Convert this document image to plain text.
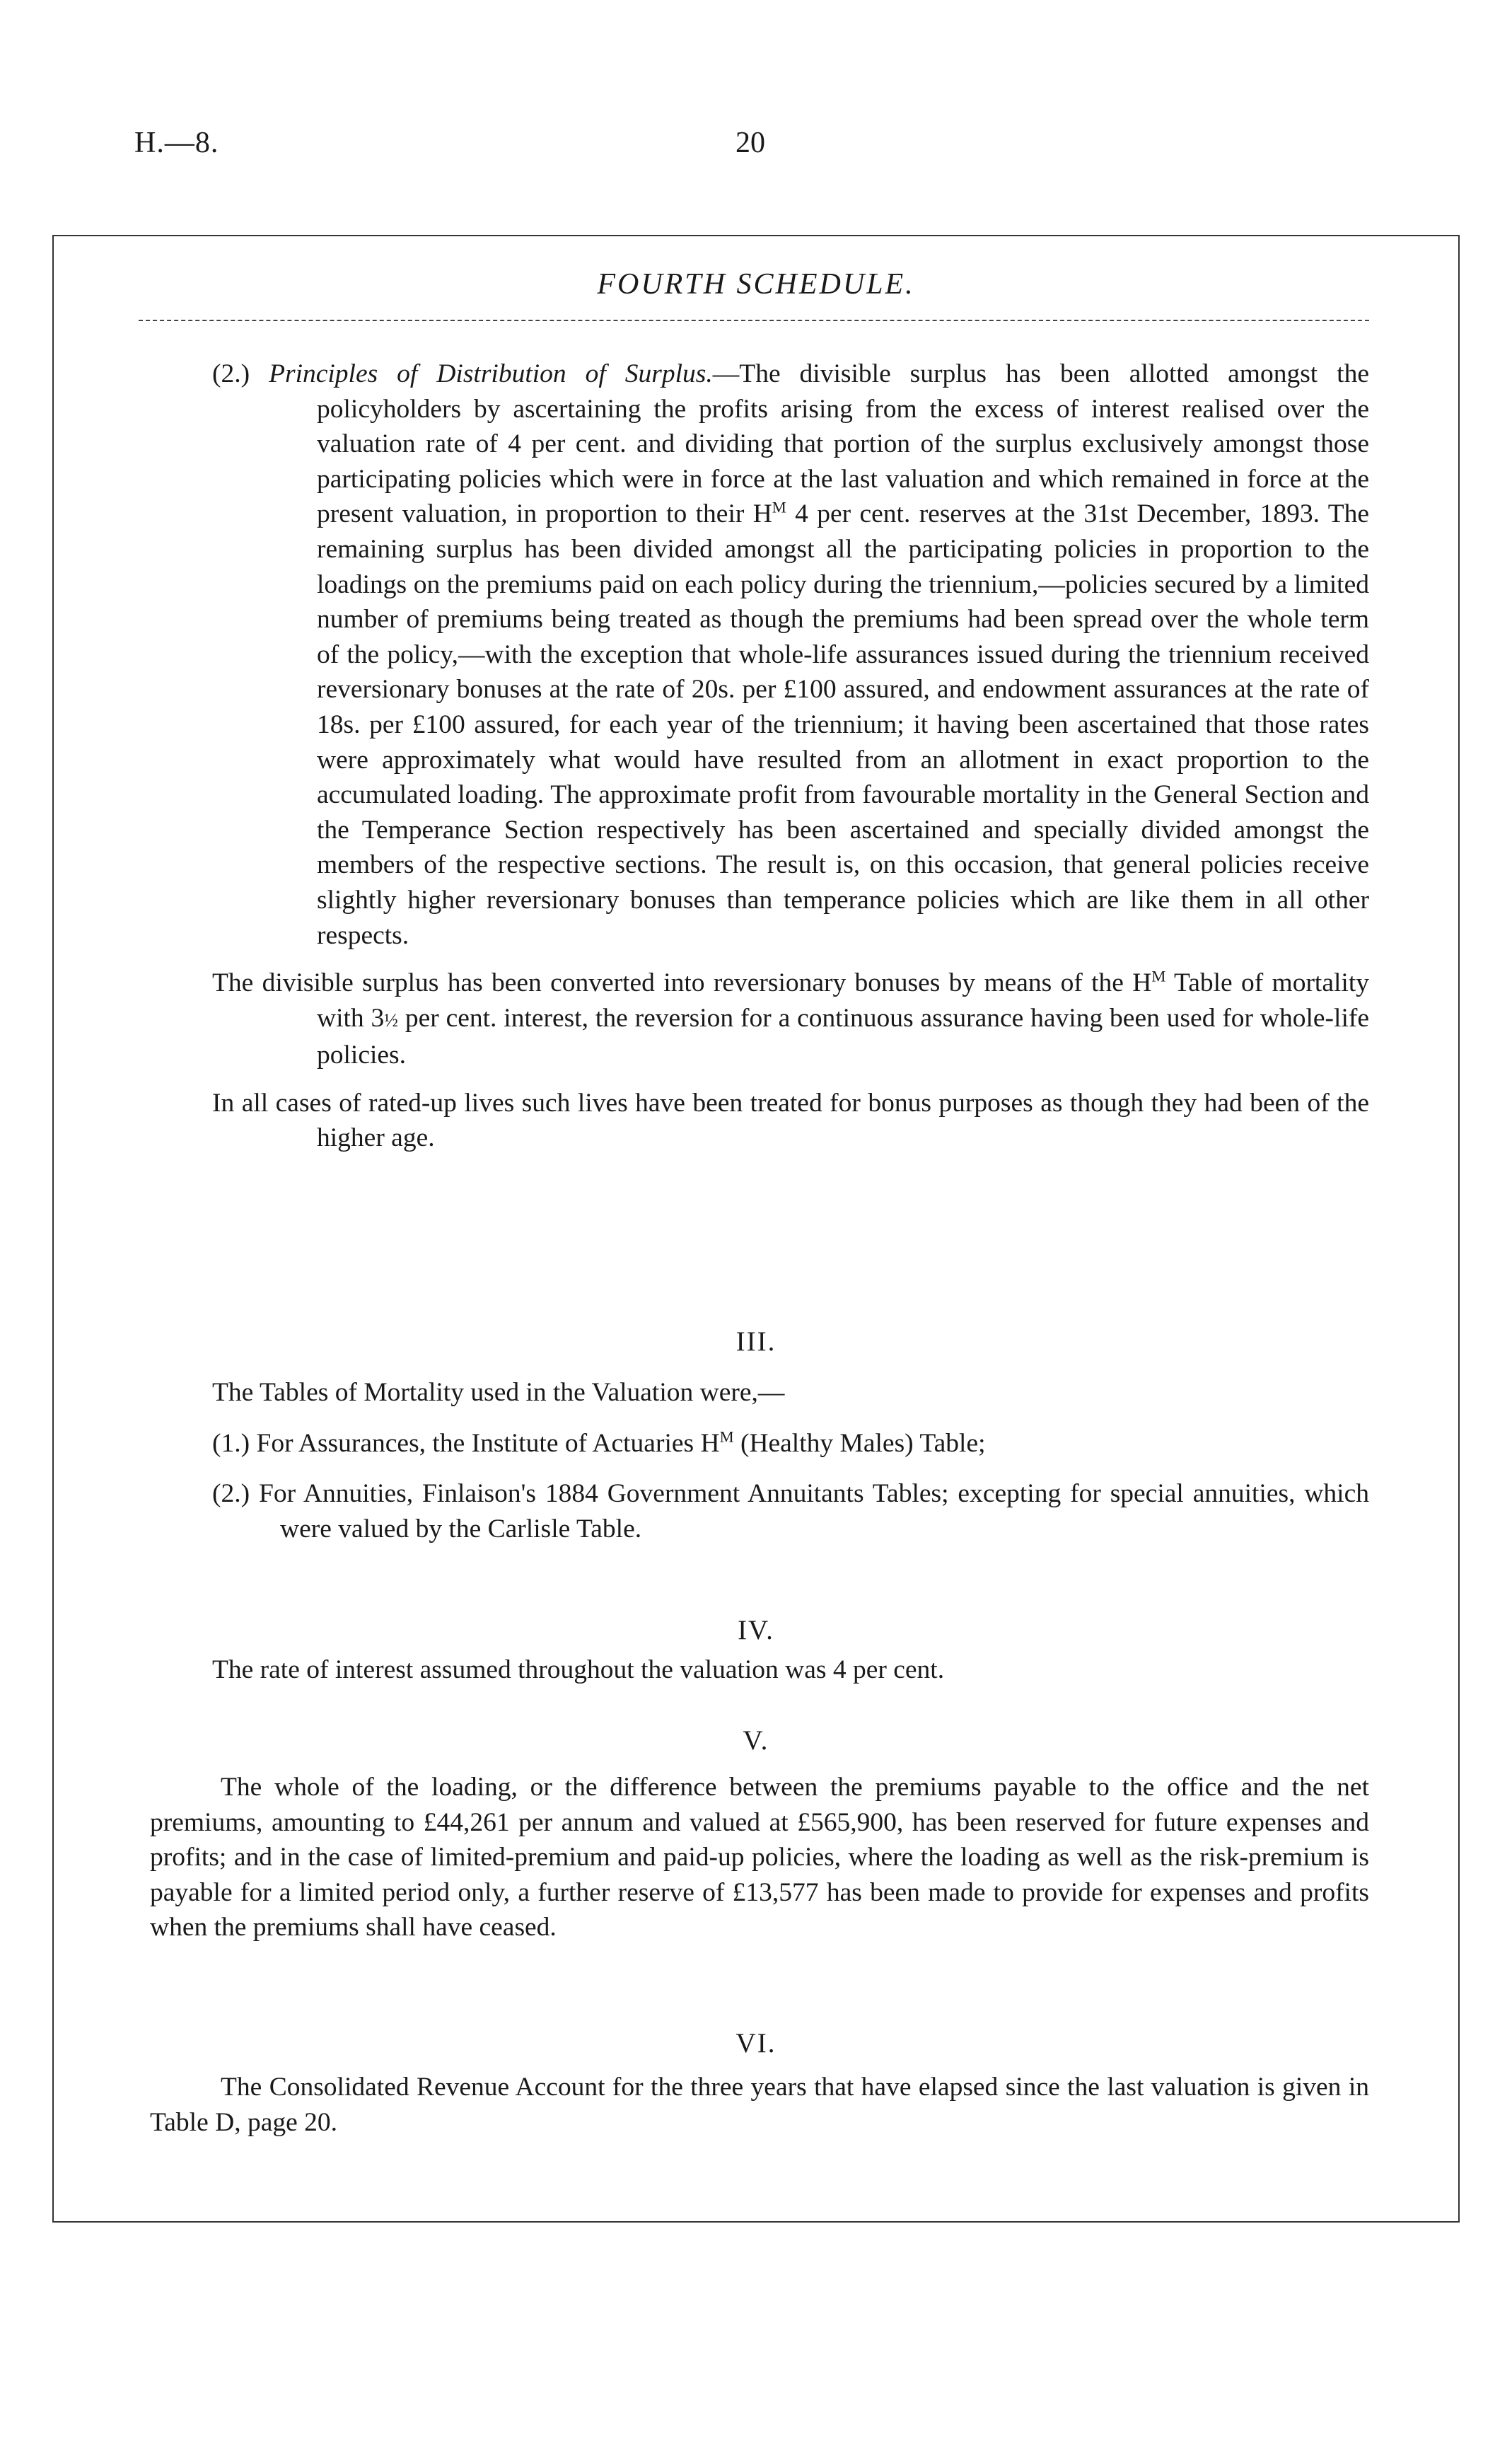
H.—8.	20
FOURTH SCHEDULE.

(2.) Principles of Distribution of Surplus.—The divisible surplus has been allotted amongst the policyholders by ascertaining the profits arising from the excess of interest realised over the valuation rate of 4 per cent. and dividing that portion of the surplus exclusively amongst those participating policies which were in force at the last valuation and which remained in force at the present valuation, in proportion to their $H^M$ 4 per cent. reserves at the 31st December, 1893. The remaining surplus has been divided amongst all the participating policies in proportion to the loadings on the premiums paid on each policy during the triennium,—policies secured by a limited number of premiums being treated as though the premiums had been spread over the whole term of the policy,—with the exception that whole-life assurances issued during the triennium received reversionary bonuses at the rate of 20s. per £100 assured, and endowment assurances at the rate of 18s. per £100 assured, for each year of the triennium; it having been ascertained that those rates were approximately what would have resulted from an allotment in exact proportion to the accumulated loading. The approximate profit from favourable mortality in the General Section and the Temperance Section respectively has been ascertained and specially divided amongst the members of the respective sections. The result is, on this occasion, that general policies receive slightly higher reversionary bonuses than temperance policies which are like them in all other respects.

The divisible surplus has been converted into reversionary bonuses by means of the $H^M$ Table of mortality with 3½ per cent. interest, the reversion for a continuous assurance having been used for whole-life policies.

In all cases of rated-up lives such lives have been treated for bonus purposes as though they had been of the higher age.

III.

The Tables of Mortality used in the Valuation were,—

(1.) For Assurances, the Institute of Actuaries $H^M$ (Healthy Males) Table;

(2.) For Annuities, Finlaison's 1884 Government Annuitants Tables; excepting for special annuities, which were valued by the Carlisle Table.

IV.

The rate of interest assumed throughout the valuation was 4 per cent.

V.

The whole of the loading, or the difference between the premiums payable to the office and the net premiums, amounting to £44,261 per annum and valued at £565,900, has been reserved for future expenses and profits; and in the case of limited-premium and paid-up policies, where the loading as well as the risk-premium is payable for a limited period only, a further reserve of £13,577 has been made to provide for expenses and profits when the premiums shall have ceased.

VI.

The Consolidated Revenue Account for the three years that have elapsed since the last valuation is given in Table D, page 20.
